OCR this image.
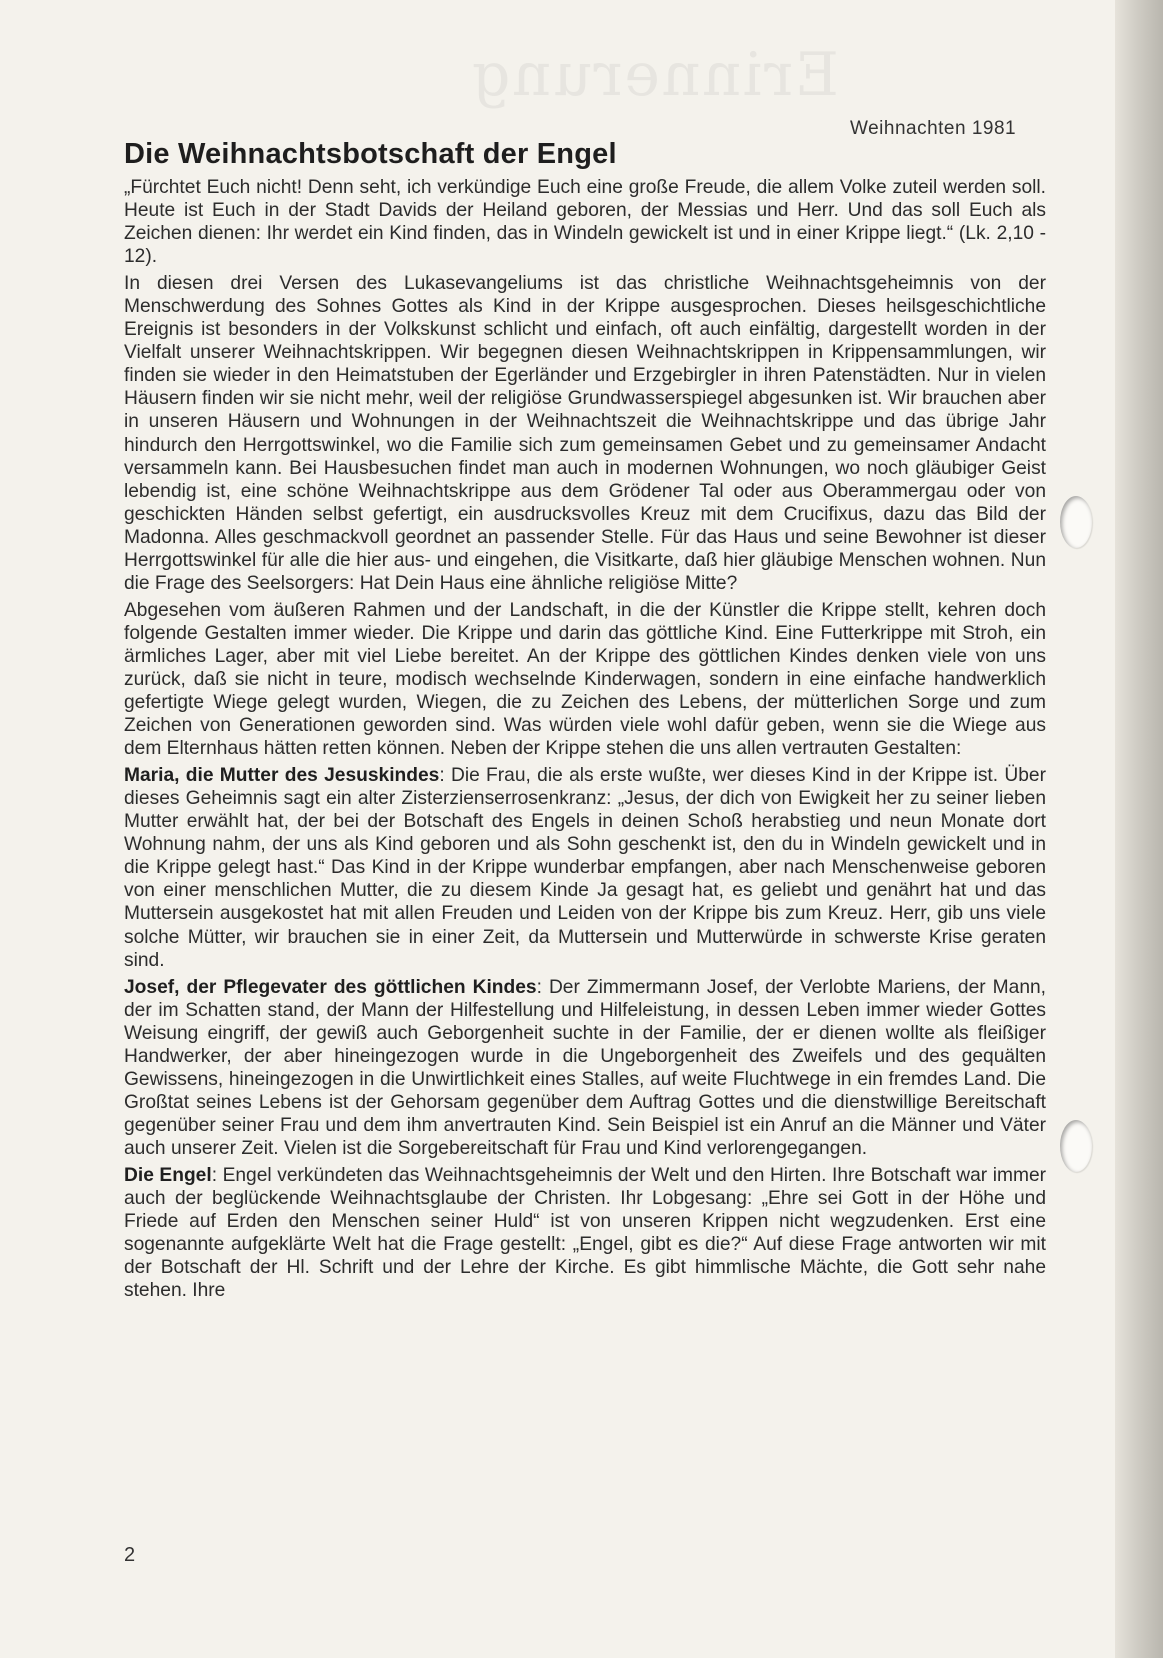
Erinnerung
Weihnachten 1981
Die Weihnachtsbotschaft der Engel

„Fürchtet Euch nicht! Denn seht, ich verkündige Euch eine große Freude, die allem Volke zuteil werden soll. Heute ist Euch in der Stadt Davids der Heiland geboren, der Messias und Herr. Und das soll Euch als Zeichen dienen: Ihr werdet ein Kind finden, das in Windeln gewickelt ist und in einer Krippe liegt.“ (Lk. 2,10 - 12).

In diesen drei Versen des Lukasevangeliums ist das christliche Weihnachtsgeheimnis von der Menschwerdung des Sohnes Gottes als Kind in der Krippe ausgesprochen. Dieses heilsgeschichtliche Ereignis ist besonders in der Volkskunst schlicht und einfach, oft auch einfältig, dargestellt worden in der Vielfalt unserer Weihnachtskrippen. Wir begegnen diesen Weihnachtskrippen in Krippensammlungen, wir finden sie wieder in den Heimatstuben der Egerländer und Erzgebirgler in ihren Patenstädten. Nur in vielen Häusern finden wir sie nicht mehr, weil der religiöse Grundwasserspiegel abgesunken ist. Wir brauchen aber in unseren Häusern und Wohnungen in der Weihnachtszeit die Weihnachtskrippe und das übrige Jahr hindurch den Herrgottswinkel, wo die Familie sich zum gemeinsamen Gebet und zu gemeinsamer Andacht versammeln kann. Bei Hausbesuchen findet man auch in modernen Wohnungen, wo noch gläubiger Geist lebendig ist, eine schöne Weihnachtskrippe aus dem Grödener Tal oder aus Oberammergau oder von geschickten Händen selbst gefertigt, ein ausdrucksvolles Kreuz mit dem Crucifixus, dazu das Bild der Madonna. Alles geschmackvoll geordnet an passender Stelle. Für das Haus und seine Bewohner ist dieser Herrgottswinkel für alle die hier aus- und eingehen, die Visitkarte, daß hier gläubige Menschen wohnen. Nun die Frage des Seelsorgers: Hat Dein Haus eine ähnliche religiöse Mitte?

Abgesehen vom äußeren Rahmen und der Landschaft, in die der Künstler die Krippe stellt, kehren doch folgende Gestalten immer wieder. Die Krippe und darin das göttliche Kind. Eine Futterkrippe mit Stroh, ein ärmliches Lager, aber mit viel Liebe bereitet. An der Krippe des göttlichen Kindes denken viele von uns zurück, daß sie nicht in teure, modisch wechselnde Kinderwagen, sondern in eine einfache handwerklich gefertigte Wiege gelegt wurden, Wiegen, die zu Zeichen des Lebens, der mütterlichen Sorge und zum Zeichen von Generationen geworden sind. Was würden viele wohl dafür geben, wenn sie die Wiege aus dem Elternhaus hätten retten können. Neben der Krippe stehen die uns allen vertrauten Gestalten:

Maria, die Mutter des Jesuskindes: Die Frau, die als erste wußte, wer dieses Kind in der Krippe ist. Über dieses Geheimnis sagt ein alter Zisterzienserrosenkranz: „Jesus, der dich von Ewigkeit her zu seiner lieben Mutter erwählt hat, der bei der Botschaft des Engels in deinen Schoß herabstieg und neun Monate dort Wohnung nahm, der uns als Kind geboren und als Sohn geschenkt ist, den du in Windeln gewickelt und in die Krippe gelegt hast.“ Das Kind in der Krippe wunderbar empfangen, aber nach Menschenweise geboren von einer menschlichen Mutter, die zu diesem Kinde Ja gesagt hat, es geliebt und genährt hat und das Muttersein ausgekostet hat mit allen Freuden und Leiden von der Krippe bis zum Kreuz. Herr, gib uns viele solche Mütter, wir brauchen sie in einer Zeit, da Muttersein und Mutterwürde in schwerste Krise geraten sind.

Josef, der Pflegevater des göttlichen Kindes: Der Zimmermann Josef, der Verlobte Mariens, der Mann, der im Schatten stand, der Mann der Hilfestellung und Hilfeleistung, in dessen Leben immer wieder Gottes Weisung eingriff, der gewiß auch Geborgenheit suchte in der Familie, der er dienen wollte als fleißiger Handwerker, der aber hineingezogen wurde in die Ungeborgenheit des Zweifels und des gequälten Gewissens, hineingezogen in die Unwirtlichkeit eines Stalles, auf weite Fluchtwege in ein fremdes Land. Die Großtat seines Lebens ist der Gehorsam gegenüber dem Auftrag Gottes und die dienstwillige Bereitschaft gegenüber seiner Frau und dem ihm anvertrauten Kind. Sein Beispiel ist ein Anruf an die Männer und Väter auch unserer Zeit. Vielen ist die Sorgebereitschaft für Frau und Kind verlorengegangen.

Die Engel: Engel verkündeten das Weihnachtsgeheimnis der Welt und den Hirten. Ihre Botschaft war immer auch der beglückende Weihnachtsglaube der Christen. Ihr Lobgesang: „Ehre sei Gott in der Höhe und Friede auf Erden den Menschen seiner Huld“ ist von unseren Krippen nicht wegzudenken. Erst eine sogenannte aufgeklärte Welt hat die Frage gestellt: „Engel, gibt es die?“ Auf diese Frage antworten wir mit der Botschaft der Hl. Schrift und der Lehre der Kirche. Es gibt himmlische Mächte, die Gott sehr nahe stehen. Ihre

2
